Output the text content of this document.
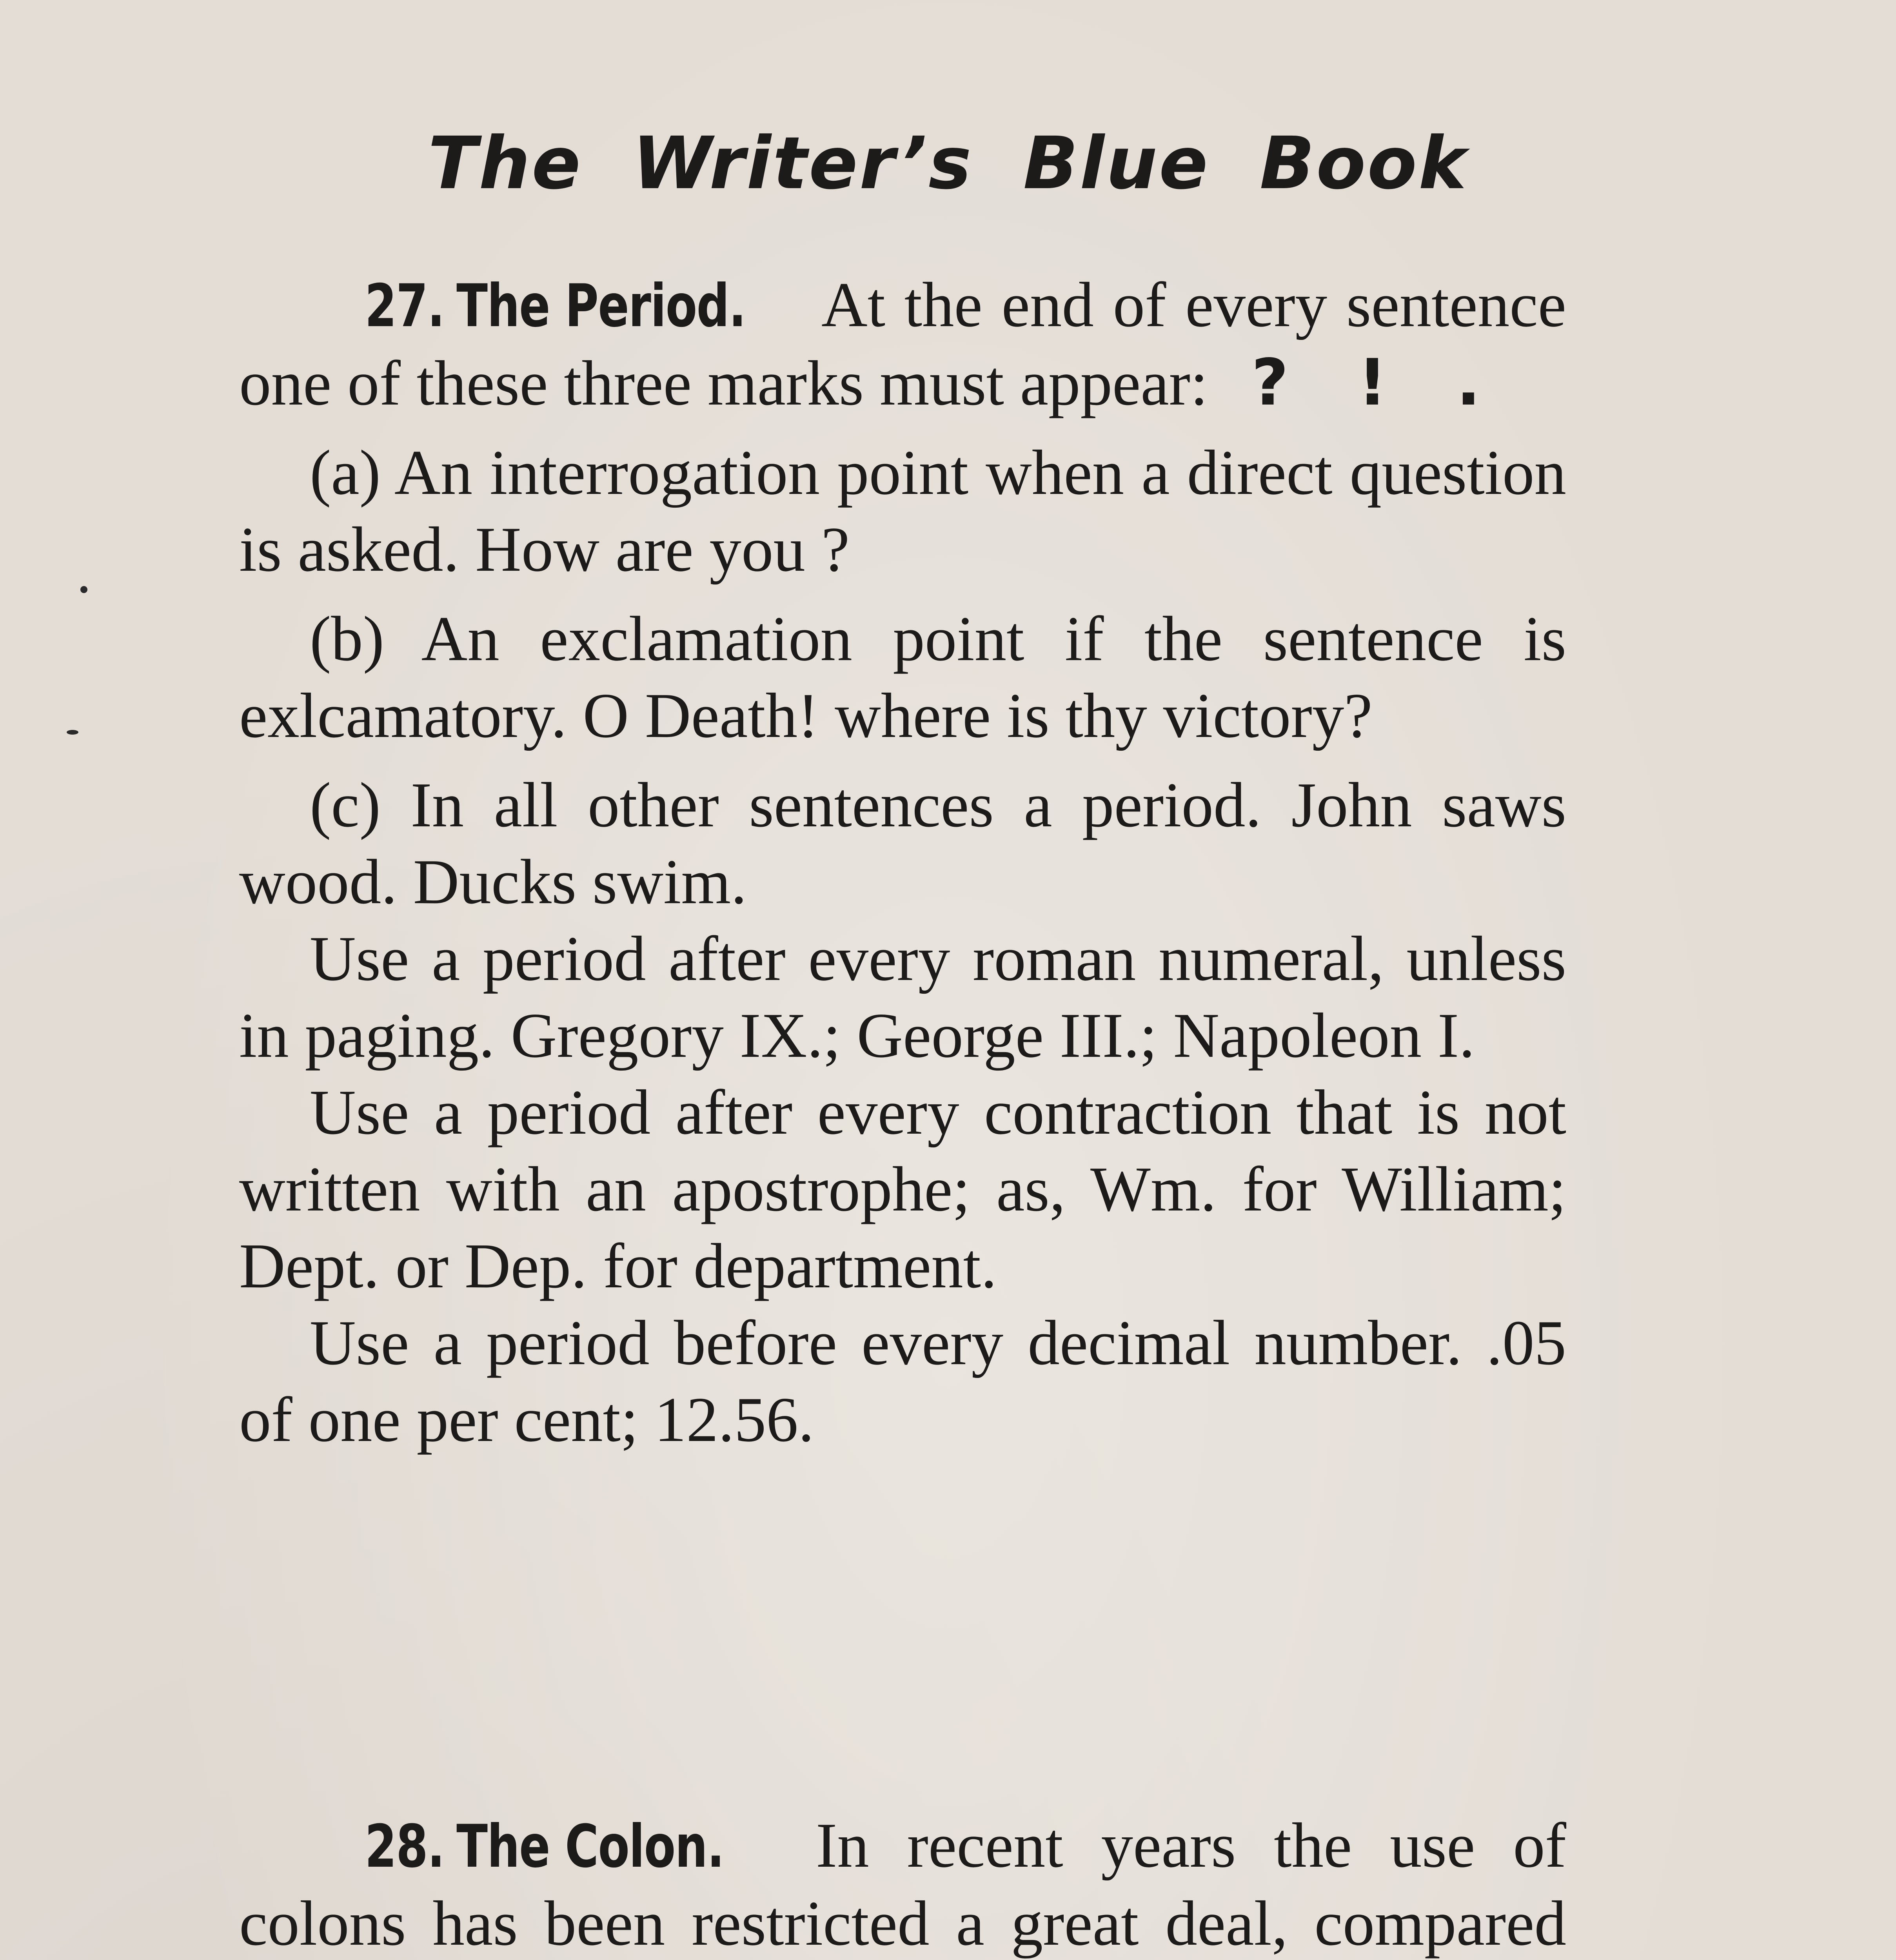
The Writer’s Blue Book

27. The Period. At the end of every sentence one of these three marks must appear: ? ! .

(a) An interrogation point when a direct question is asked. How are you ?

(b) An exclamation point if the sentence is exlcamatory. O Death! where is thy victory?

(c) In all other sentences a period. John saws wood. Ducks swim.

Use a period after every roman numeral, unless in paging. Gregory IX.; George III.; Napoleon I.

Use a period after every contraction that is not written with an apostrophe; as, Wm. for William; Dept. or Dep. for department.

Use a period before every decimal number. .05 of one per cent; 12.56.

28. The Colon. In recent years the use of colons has been restricted a great deal, compared
